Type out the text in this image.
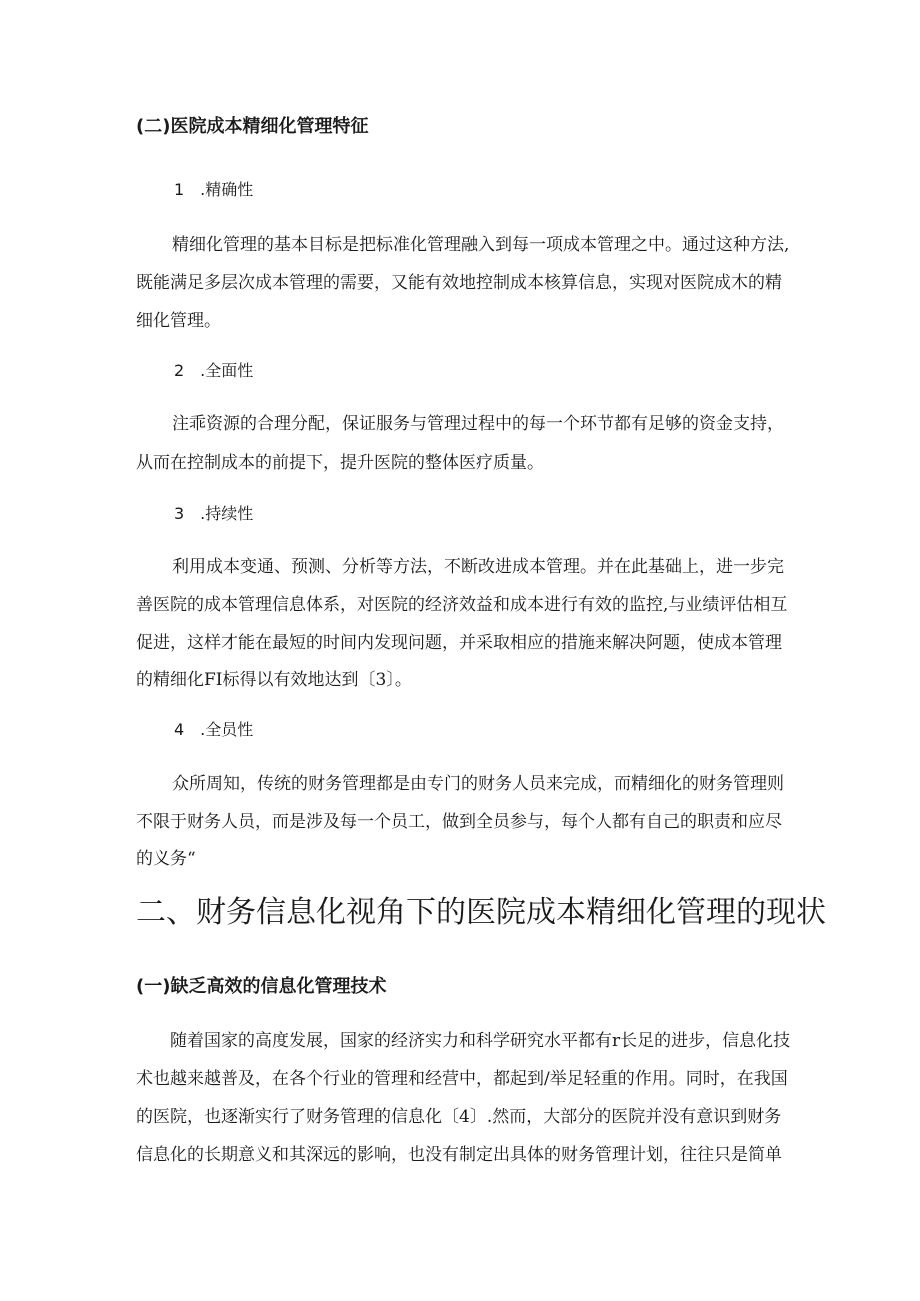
(二)医院成本精细化管理特征
1　.精确性
精细化管理的基本目标是把标准化管理融入到每一项成本管理之中。通过这种方法,
既能满足多层次成本管理的需要，又能有效地控制成本核算信息，实现对医院成木的精
细化管理。
2　.全面性
注乖资源的合理分配，保证服务与管理过程中的每一个环节都有足够的资金支持，
从而在控制成本的前提下，提升医院的整体医疗质量。
3　.持续性
利用成本变通、预测、分析等方法，不断改进成本管理。并在此基础上，进一步完
善医院的成本管理信息体系，对医院的经济效益和成本进行有效的监控,与业绩评估相互
促进，这样才能在最短的时间内发现问题，并采取相应的措施来解决阿题，使成本管理
的精细化FI标得以有效地达到〔3〕。
4　.全员性
众所周知，传统的财务管理都是由专门的财务人员来完成，而精细化的财务管理则
不限于财务人员，而是涉及每一个员工，做到全员参与，每个人都有自己的职责和应尽
的义务“
二、财务信息化视角下的医院成本精细化管理的现状
(一)缺乏高效的信息化管理技术
随着国家的高度发展，国家的经济实力和科学研究水平都有r长足的进步，信息化技
术也越来越普及，在各个行业的管理和经营中，都起到/举足轻重的作用。同时，在我国
的医院，也逐渐实行了财务管理的信息化〔4〕.然而，大部分的医院并没有意识到财务
信息化的长期意义和其深远的影响，也没有制定出具体的财务管理计划，往往只是简单
